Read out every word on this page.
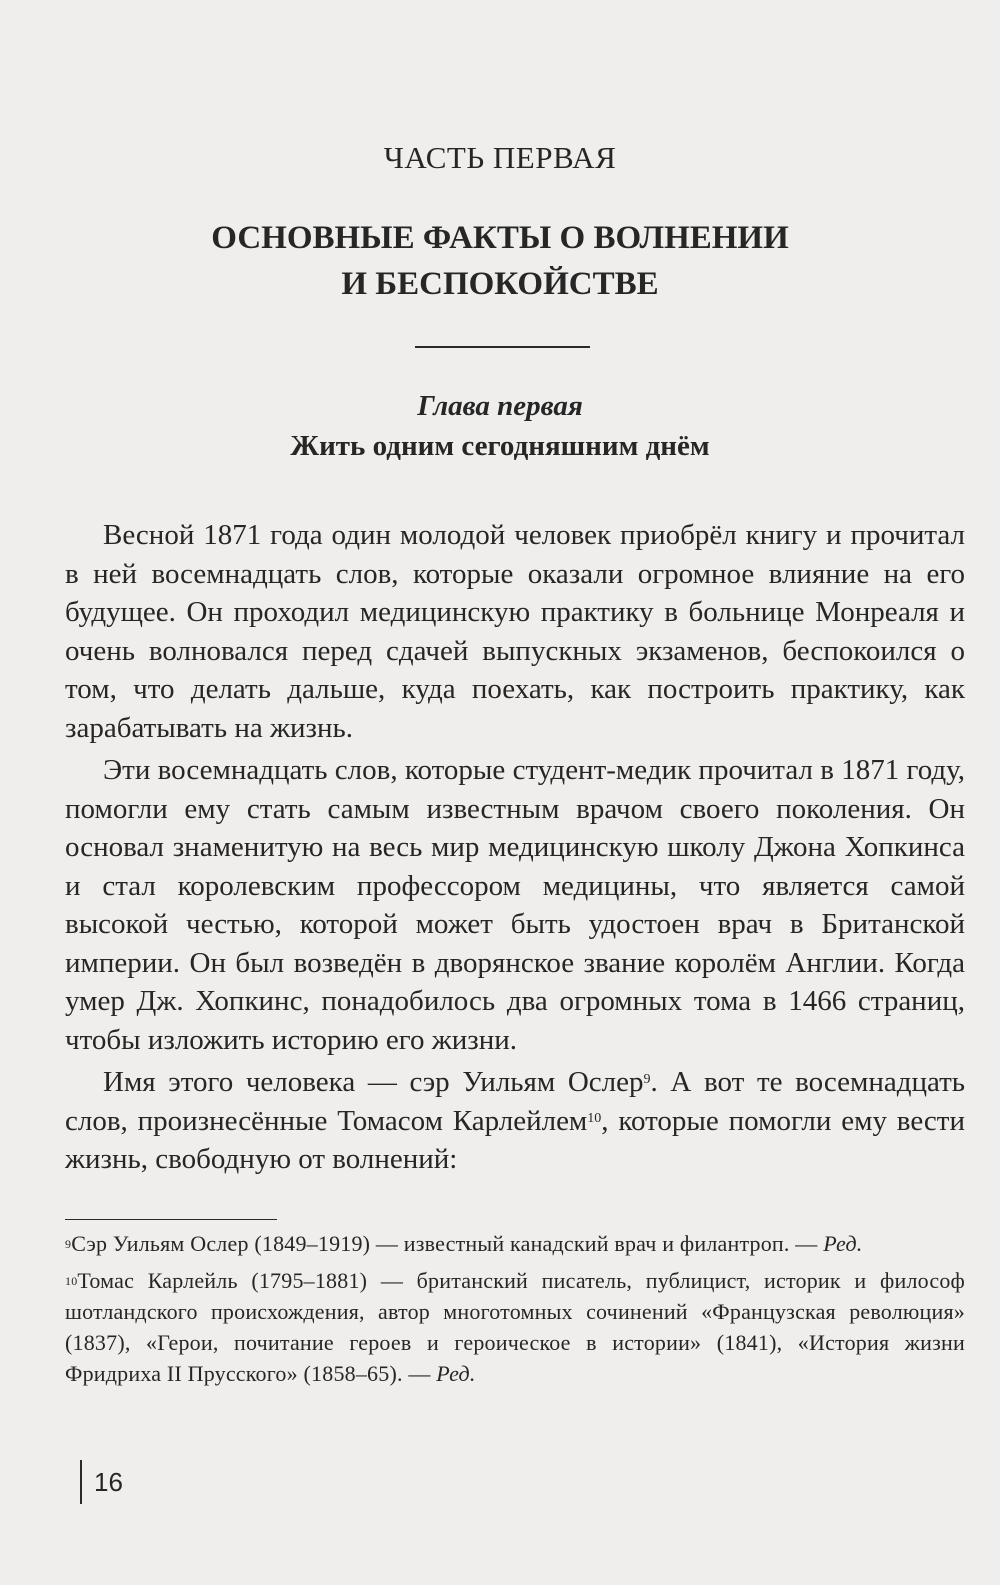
ЧАСТЬ ПЕРВАЯ
ОСНОВНЫЕ ФАКТЫ О ВОЛНЕНИИ
И БЕСПОКОЙСТВЕ
Глава первая
Жить одним сегодняшним днём

Весной 1871 года один молодой человек приобрёл книгу и прочитал в ней восемнадцать слов, которые оказали огромное влияние на его будущее. Он проходил медицинскую практику в больнице Монреаля и очень волновался перед сдачей выпускных экзаменов, беспокоился о том, что делать дальше, куда поехать, как построить практику, как зарабатывать на жизнь.

Эти восемнадцать слов, которые студент-медик прочитал в 1871 году, помогли ему стать самым известным врачом своего поколения. Он основал знаменитую на весь мир медицинскую школу Джона Хопкинса и стал королевским профессором медицины, что является самой высокой честью, которой может быть удостоен врач в Британской империи. Он был возведён в дворянское звание королём Англии. Когда умер Дж. Хопкинс, понадобилось два огромных тома в 1466 страниц, чтобы изложить историю его жизни.

Имя этого человека — сэр Уильям Ослер$^9$. А вот те восемнадцать слов, произнесённые Томасом Карлейлем$^{10}$, которые помогли ему вести жизнь, свободную от волнений:

$^9$Сэр Уильям Ослер (1849–1919) — известный канадский врач и филантроп. — Ред.

$^{10}$Томас Карлейль (1795–1881) — британский писатель, публицист, историк и философ шотландского происхождения, автор многотомных сочинений «Французская революция» (1837), «Герои, почитание героев и героическое в истории» (1841), «История жизни Фридриха II Прусского» (1858–65). — Ред.

16
